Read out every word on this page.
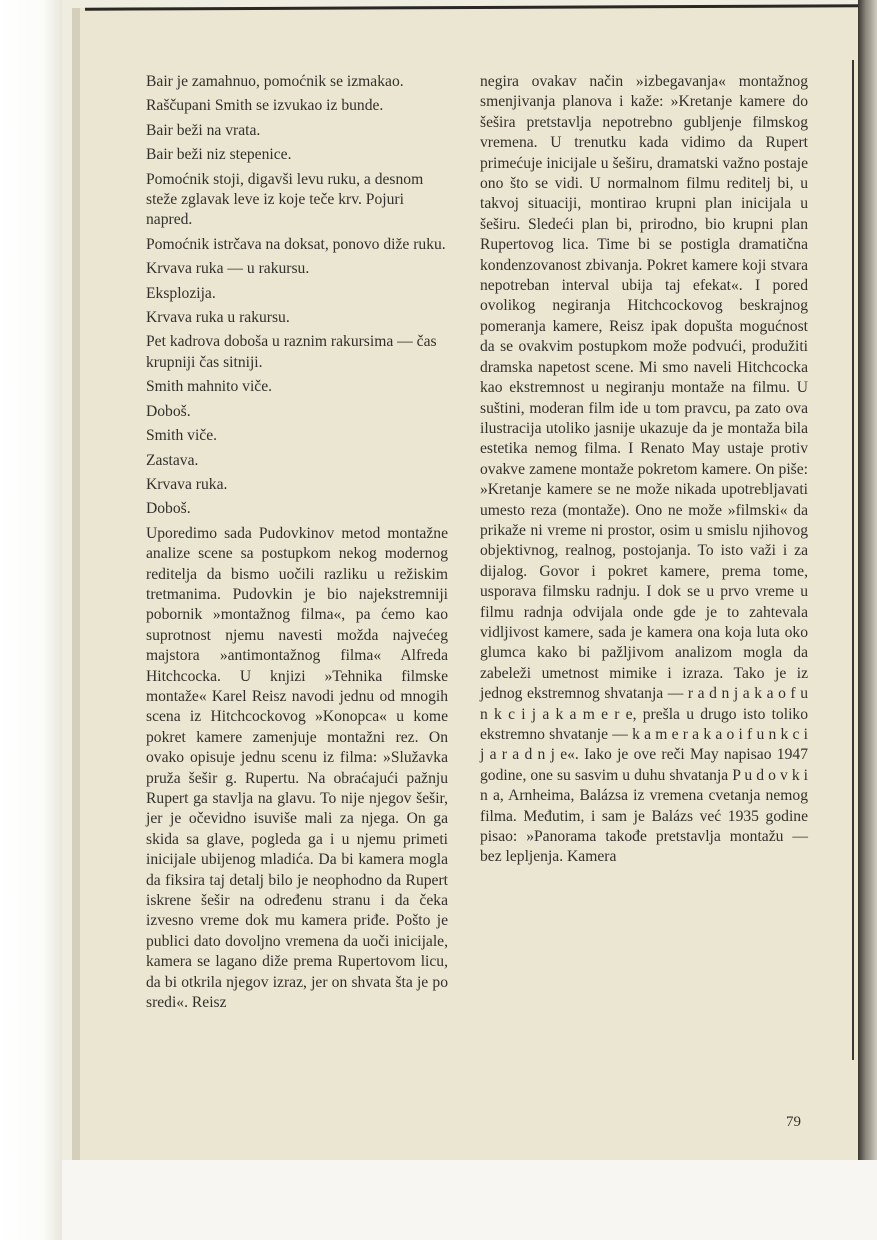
Bair je zamahnuo, pomoćnik se izmakao.

Raščupani Smith se izvukao iz bunde.

Bair beži na vrata.

Bair beži niz stepenice.

Pomoćnik stoji, digavši levu ruku, a desnom steže zglavak leve iz koje teče krv. Pojuri napred.

Pomoćnik istrčava na doksat, ponovo diže ruku.

Krvava ruka — u rakursu.

Eksplozija.

Krvava ruka u rakursu.

Pet kadrova dobоša u raznim rakursima — čas krupniji čas sitniji.

Smith mahnito viče.

Doboš.

Smith viče.

Zastava.

Krvava ruka.

Doboš.

Uporedimo sada Pudovkinov metod montažne analize scene sa postupkom nekog modernog reditelja da bismo uočili razliku u režiskim tretmanima. Pudovkin je bio najekstremniji pobornik »montažnog filma«, pa ćemo kao suprotnost njemu navesti možda najvećeg majstora »antimontažnog filma« Alfreda Hitchcocka. U knjizi »Tehnika filmske montaže« Karel Reisz navodi jednu od mnogih scena iz Hitchcockovog »Konopca« u kome pokret kamere zamenjuje montažni rez. On ovako opisuje jednu scenu iz filma: »Služavka pruža šešir g. Rupertu. Na obraćajući pažnju Rupert ga stavlja na glavu. To nije njegov šešir, jer je očevidno isuviše mali za njega. On ga skida sa glave, pogleda ga i u njemu primeti inicijale ubijenog mladića. Da bi kamera mogla da fiksira taj detalj bilo je neophodno da Rupert iskrene šešir na određenu stranu i da čeka izvesno vreme dok mu kamera priđe. Pošto je publici dato dovoljno vremena da uoči inicijale, kamera se lagano diže prema Rupertovom licu, da bi otkrila njegov izraz, jer on shvata šta je po sredi«. Reisz

negira ovakav način »izbegavanja« montažnog smenjivanja planova i kaže: »Kretanje kamere do šešira pretstavlja nepotrebno gubljenje filmskog vremena. U trenutku kada vidimo da Rupert primećuje inicijale u šeširu, dramatski važno postaje ono što se vidi. U normalnom filmu reditelj bi, u takvoj situaciji, montirao krupni plan inicijala u šeširu. Sledeći plan bi, prirodno, bio krupni plan Rupertovog lica. Time bi se postigla dramatična kondenzovanost zbivanja. Pokret kamere koji stvara nepotreban interval ubija taj efekat«. I pored ovolikog negiranja Hitchcockovog beskrajnog pomeranja kamere, Reisz ipak dopušta mogućnost da se ovakvim postupkom može podvući, produžiti dramska napetost scene. Mi smo naveli Hitchcocka kao ekstremnost u negiranju montaže na filmu. U suštini, moderan film ide u tom pravcu, pa zato ova ilustracija utoliko jasnije ukazuje da je montaža bila estetika nemog filma. I Renato May ustaje protiv ovakve zamene montaže pokretom kamere. On piše: »Kretanje kamere se ne može nikada upotrebljavati umesto reza (montaže). Ono ne može »filmski« da prikaže ni vreme ni prostor, osim u smislu njihovog objektivnog, realnog, postojanja. To isto važi i za dijalog. Govor i pokret kamere, prema tome, usporava filmsku radnju. I dok se u prvo vreme u filmu radnja odvijala onde gde je to zahtevala vidljivost kamere, sada je kamera ona koja luta oko glumca kako bi pažljivom analizom mogla da zabeleži umetnost mimike i izraza. Tako je iz jednog ekstremnog shvatanja — r a d n j a k a o f u n k c i j a k a m e r e, prešla u drugo isto toliko ekstremno shvatanje — k a m e r a k a o i f u n k c i j a r a d n j e«. Iako je ove reči May napisao 1947 godine, one su sasvim u duhu shvatanja P u d o v k i n a, Arnheima, Balázsa iz vremena cvetanja nemog filma. Međutim, i sam je Balázs već 1935 godine pisao: »Panorama takođe pretstavlja montažu — bez lepljenja. Kamera

79
